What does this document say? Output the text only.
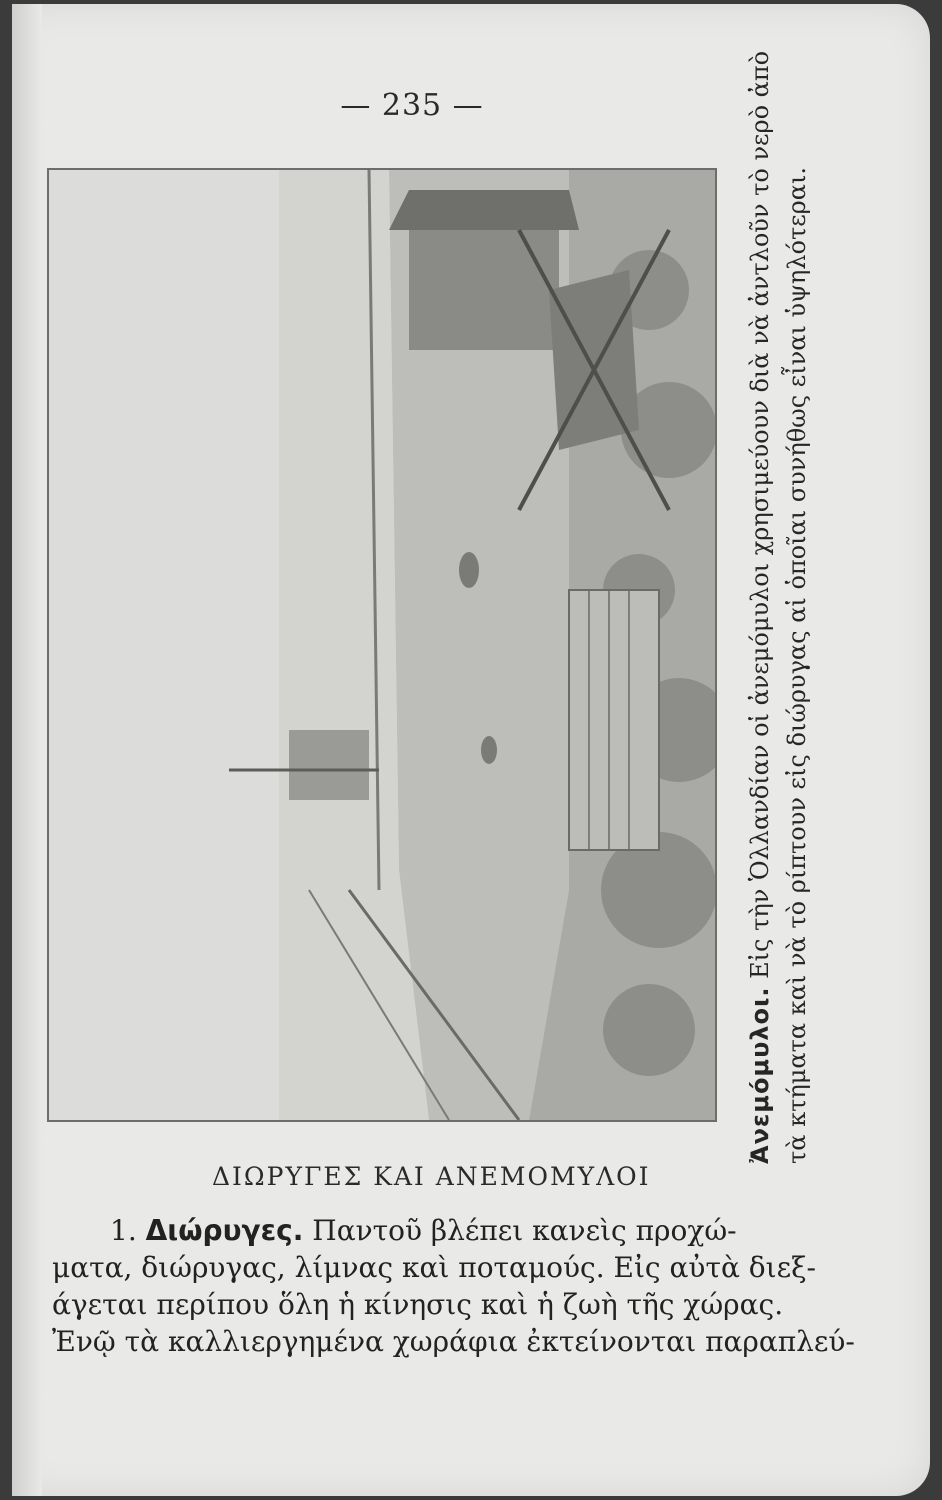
— 235 —
Ἀνεμόμυλοι. Εἰς τὴν Ὁλλανδίαν οἱ ἀνεμόμυλοι χρησιμεύουν διὰ νὰ ἀντλοῦν τὸ νερὸ ἀπὸ τὰ κτήματα καὶ νὰ τὸ ρίπτουν εἰς διώρυγας αἱ ὁποῖαι συνήθως εἶναι ὑψηλότεραι.
ΔΙΩΡΥΓΕΣ ΚΑΙ ΑΝΕΜΟΜΥΛΟΙ
1. Διώρυγες. Παντοῦ βλέπει κανεὶς προχώ-
ματα, διώρυγας, λίμνας καὶ ποταμούς. Εἰς αὐτὰ διεξ-
άγεται περίπου ὅλη ἡ κίνησις καὶ ἡ ζωὴ τῆς χώρας.
Ἐνῷ τὰ καλλιεργημένα χωράφια ἐκτείνονται παραπλεύ-
